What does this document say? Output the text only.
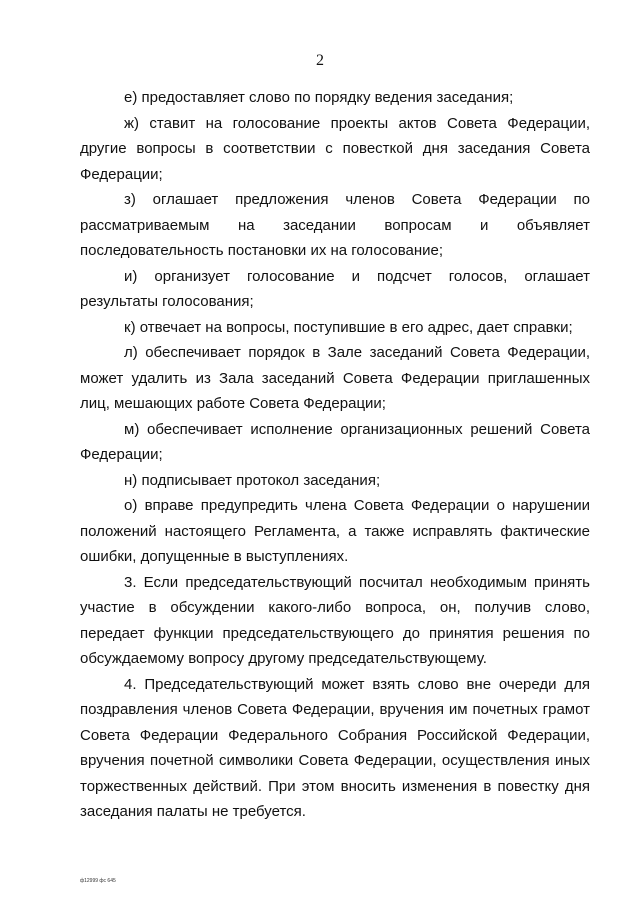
2

е) предоставляет слово по порядку ведения заседания;

ж) ставит на голосование проекты актов Совета Федерации, другие вопросы в соответствии с повесткой дня заседания Совета Федерации;

з) оглашает предложения членов Совета Федерации по рассматриваемым на заседании вопросам и объявляет последовательность постановки их на голосование;

и) организует голосование и подсчет голосов, оглашает результаты голосования;

к) отвечает на вопросы, поступившие в его адрес, дает справки;

л) обеспечивает порядок в Зале заседаний Совета Федерации, может удалить из Зала заседаний Совета Федерации приглашенных лиц, мешающих работе Совета Федерации;

м) обеспечивает исполнение организационных решений Совета Федерации;

н) подписывает протокол заседания;

о) вправе предупредить члена Совета Федерации о нарушении положений настоящего Регламента, а также исправлять фактические ошибки, допущенные в выступлениях.

3. Если председательствующий посчитал необходимым принять участие в обсуждении какого-либо вопроса, он, получив слово, передает функции председательствующего до принятия решения по обсуждаемому вопросу другому председательствующему.

4. Председательствующий может взять слово вне очереди для поздравления членов Совета Федерации, вручения им почетных грамот Совета Федерации Федерального Собрания Российской Федерации, вручения почетной символики Совета Федерации, осуществления иных торжественных действий. При этом вносить изменения в повестку дня заседания палаты не требуется.

ф12999 фс 645
